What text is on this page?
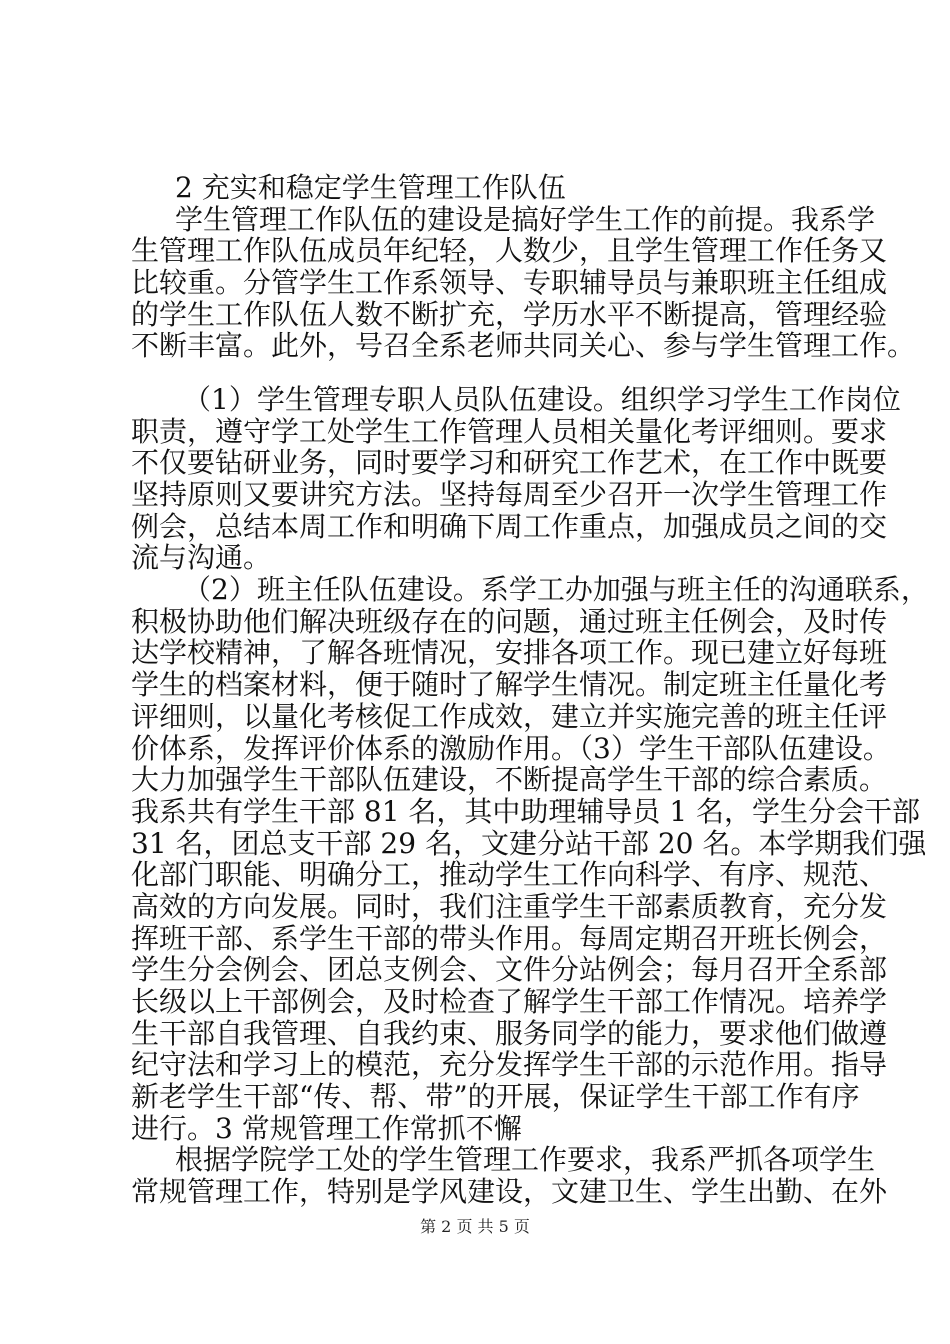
2 充实和稳定学生管理工作队伍
学生管理工作队伍的建设是搞好学生工作的前提。我系学
生管理工作队伍成员年纪轻，人数少，且学生管理工作任务又
比较重。分管学生工作系领导、专职辅导员与兼职班主任组成
的学生工作队伍人数不断扩充，学历水平不断提高，管理经验
不断丰富。此外，号召全系老师共同关心、参与学生管理工作。
（1）学生管理专职人员队伍建设。组织学习学生工作岗位
职责，遵守学工处学生工作管理人员相关量化考评细则。要求
不仅要钻研业务，同时要学习和研究工作艺术，在工作中既要
坚持原则又要讲究方法。坚持每周至少召开一次学生管理工作
例会，总结本周工作和明确下周工作重点，加强成员之间的交
流与沟通。
（2）班主任队伍建设。系学工办加强与班主任的沟通联系，
积极协助他们解决班级存在的问题，通过班主任例会，及时传
达学校精神，了解各班情况，安排各项工作。现已建立好每班
学生的档案材料，便于随时了解学生情况。制定班主任量化考
评细则，以量化考核促工作成效，建立并实施完善的班主任评
价体系，发挥评价体系的激励作用。（3）学生干部队伍建设。
大力加强学生干部队伍建设，不断提高学生干部的综合素质。
我系共有学生干部 81 名，其中助理辅导员 1 名，学生分会干部
31 名，团总支干部 29 名，文建分站干部 20 名。本学期我们强
化部门职能、明确分工，推动学生工作向科学、有序、规范、
高效的方向发展。同时，我们注重学生干部素质教育，充分发
挥班干部、系学生干部的带头作用。每周定期召开班长例会，
学生分会例会、团总支例会、文件分站例会；每月召开全系部
长级以上干部例会，及时检查了解学生干部工作情况。培养学
生干部自我管理、自我约束、服务同学的能力，要求他们做遵
纪守法和学习上的模范，充分发挥学生干部的示范作用。指导
新老学生干部“传、帮、带”的开展，保证学生干部工作有序
进行。3 常规管理工作常抓不懈
根据学院学工处的学生管理工作要求，我系严抓各项学生
常规管理工作，特别是学风建设，文建卫生、学生出勤、在外
第 2 页 共 5 页
